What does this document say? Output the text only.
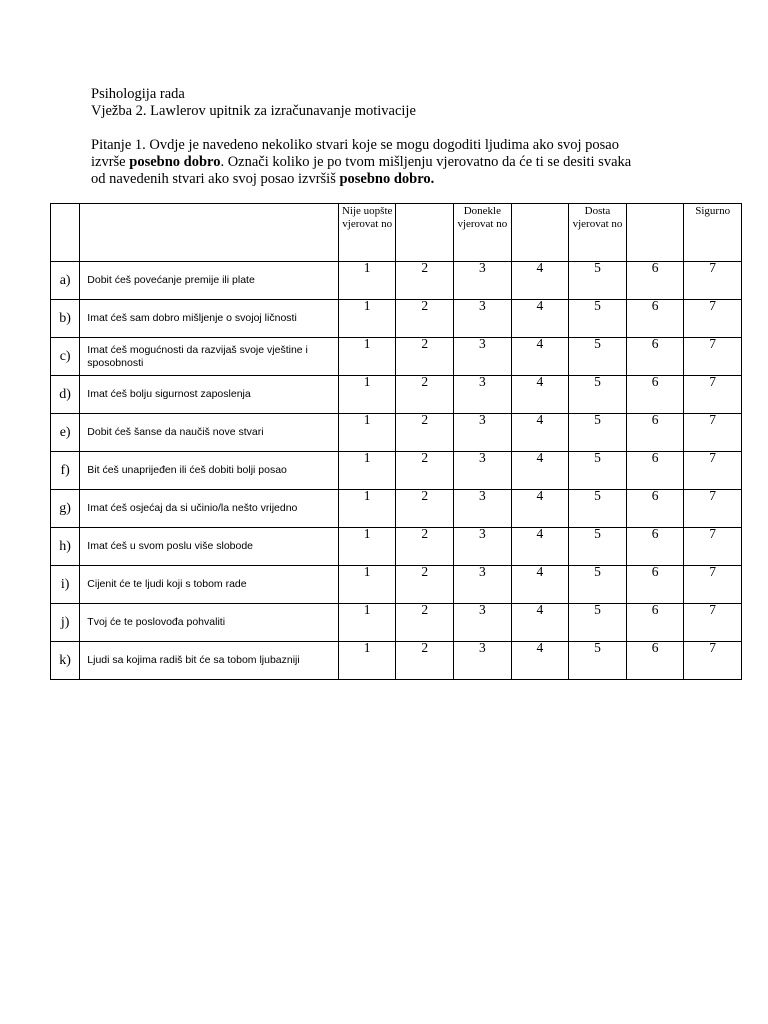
Psihologija rada
Vježba 2. Lawlerov upitnik za izračunavanje motivacije
Pitanje 1. Ovdje je navedeno nekoliko stvari koje se mogu dogoditi ljudima ako svoj posao
izvrše posebno dobro. Označi koliko je po tvom mišljenju vjerovatno da će ti se desiti svaka
od navedenih stvari ako svoj posao izvršiš posebno dobro.
		Nije uopšte vjerovat no		Donekle vjerovat no		Dosta vjerovat no		Sigurno
a)	Dobit ćeš povećanje premije ili plate	1	2	3	4	5	6	7
b)	Imat ćeš sam dobro mišljenje o svojoj ličnosti	1	2	3	4	5	6	7
c)	Imat ćeš mogućnosti da razvijaš svoje vještine i sposobnosti	1	2	3	4	5	6	7
d)	Imat ćeš bolju sigurnost zaposlenja	1	2	3	4	5	6	7
e)	Dobit ćeš šanse da naučiš nove stvari	1	2	3	4	5	6	7
f)	Bit ćeš unaprijeđen ili ćeš dobiti bolji posao	1	2	3	4	5	6	7
g)	Imat ćeš osjećaj da si učinio/la nešto vrijedno	1	2	3	4	5	6	7
h)	Imat ćeš u svom poslu više slobode	1	2	3	4	5	6	7
i)	Cijenit će te ljudi koji s tobom rade	1	2	3	4	5	6	7
j)	Tvoj će te poslovođa pohvaliti	1	2	3	4	5	6	7
k)	Ljudi sa kojima radiš bit će sa tobom ljubazniji	1	2	3	4	5	6	7
